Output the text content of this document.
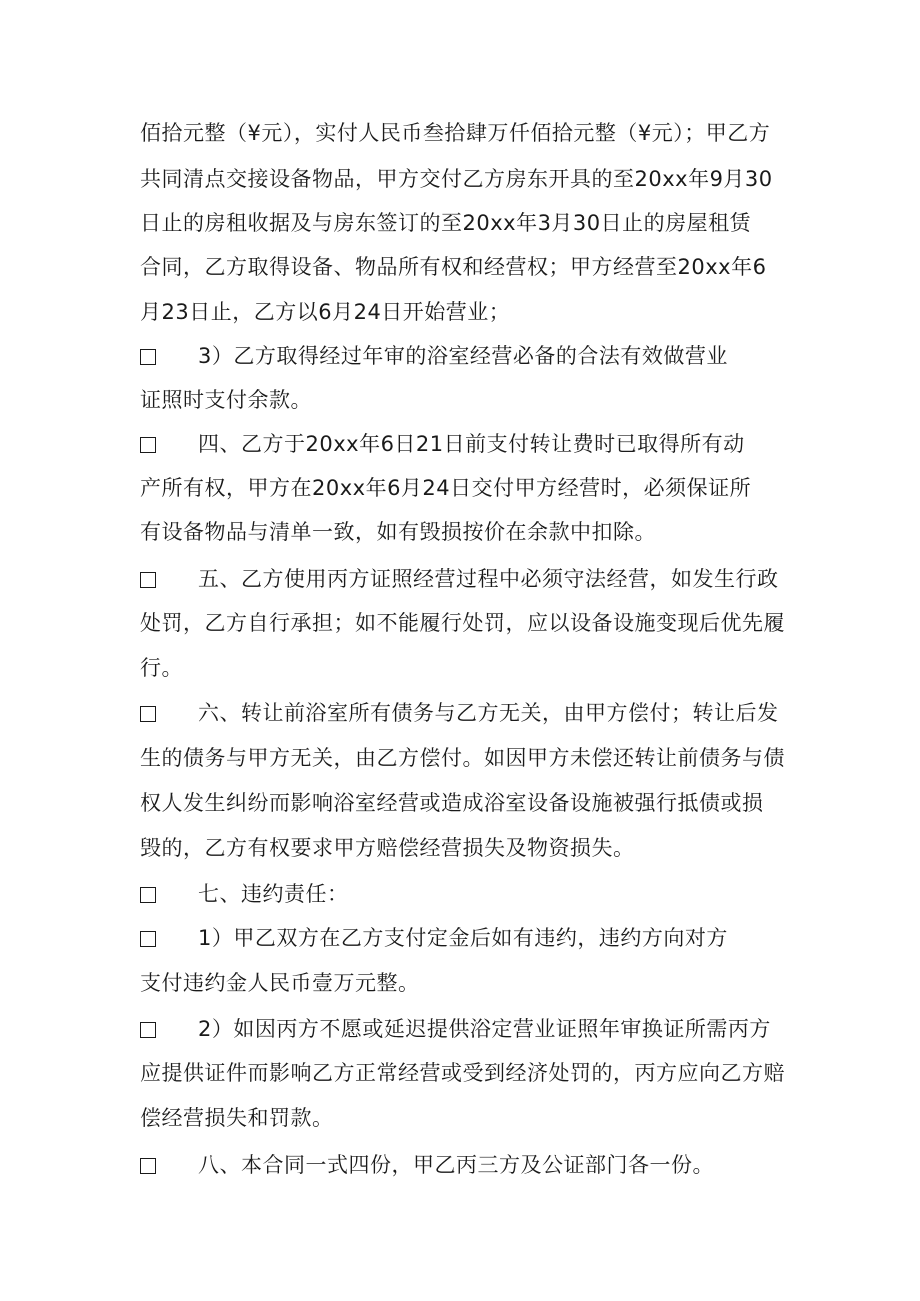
佰拾元整（¥元），实付人民币叁拾肆万仟佰拾元整（¥元）；甲乙方
共同清点交接设备物品，甲方交付乙方房东开具的至20xx年9月30
日止的房租收据及与房东签订的至20xx年3月30日止的房屋租赁
合同，乙方取得设备、物品所有权和经营权；甲方经营至20xx年6
月23日止，乙方以6月24日开始营业；
3）乙方取得经过年审的浴室经营必备的合法有效做营业
证照时支付余款。
四、乙方于20xx年6日21日前支付转让费时已取得所有动
产所有权，甲方在20xx年6月24日交付甲方经营时，必须保证所
有设备物品与清单一致，如有毁损按价在余款中扣除。
五、乙方使用丙方证照经营过程中必须守法经营，如发生行政
处罚，乙方自行承担；如不能履行处罚，应以设备设施变现后优先履
行。
六、转让前浴室所有债务与乙方无关，由甲方偿付；转让后发
生的债务与甲方无关，由乙方偿付。如因甲方未偿还转让前债务与债
权人发生纠纷而影响浴室经营或造成浴室设备设施被强行抵债或损
毁的，乙方有权要求甲方赔偿经营损失及物资损失。
七、违约责任：
1）甲乙双方在乙方支付定金后如有违约，违约方向对方
支付违约金人民币壹万元整。
2）如因丙方不愿或延迟提供浴定营业证照年审换证所需丙方
应提供证件而影响乙方正常经营或受到经济处罚的，丙方应向乙方赔
偿经营损失和罚款。
八、本合同一式四份，甲乙丙三方及公证部门各一份。
